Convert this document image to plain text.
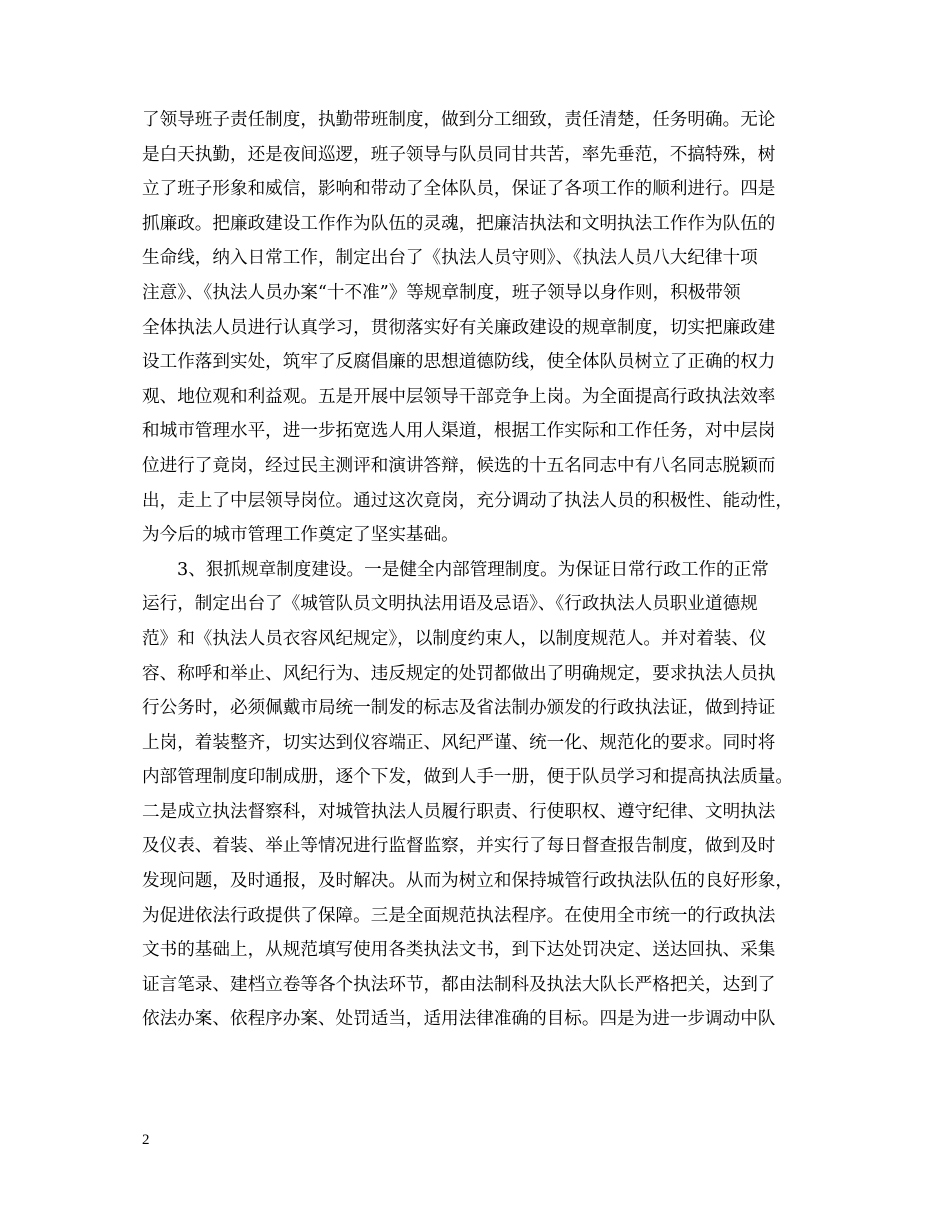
了领导班子责任制度，执勤带班制度，做到分工细致，责任清楚，任务明确。无论
是白天执勤，还是夜间巡逻，班子领导与队员同甘共苦，率先垂范，不搞特殊，树
立了班子形象和威信，影响和带动了全体队员，保证了各项工作的顺利进行。四是
抓廉政。把廉政建设工作作为队伍的灵魂，把廉洁执法和文明执法工作作为队伍的
生命线，纳入日常工作，制定出台了《执法人员守则》、《执法人员八大纪律十项
注意》、《执法人员办案“十不准”》等规章制度，班子领导以身作则，积极带领
全体执法人员进行认真学习，贯彻落实好有关廉政建设的规章制度，切实把廉政建
设工作落到实处，筑牢了反腐倡廉的思想道德防线，使全体队员树立了正确的权力
观、地位观和利益观。五是开展中层领导干部竞争上岗。为全面提高行政执法效率
和城市管理水平，进一步拓宽选人用人渠道，根据工作实际和工作任务，对中层岗
位进行了竟岗，经过民主测评和演讲答辩，候选的十五名同志中有八名同志脱颖而
出，走上了中层领导岗位。通过这次竟岗，充分调动了执法人员的积极性、能动性，
为今后的城市管理工作奠定了坚实基础。
3、狠抓规章制度建设。一是健全内部管理制度。为保证日常行政工作的正常
运行，制定出台了《城管队员文明执法用语及忌语》、《行政执法人员职业道德规
范》和《执法人员衣容风纪规定》，以制度约束人，以制度规范人。并对着装、仪
容、称呼和举止、风纪行为、违反规定的处罚都做出了明确规定，要求执法人员执
行公务时，必须佩戴市局统一制发的标志及省法制办颁发的行政执法证，做到持证
上岗，着装整齐，切实达到仪容端正、风纪严谨、统一化、规范化的要求。同时将
内部管理制度印制成册，逐个下发，做到人手一册，便于队员学习和提高执法质量。
二是成立执法督察科，对城管执法人员履行职责、行使职权、遵守纪律、文明执法
及仪表、着装、举止等情况进行监督监察，并实行了每日督查报告制度，做到及时
发现问题，及时通报，及时解决。从而为树立和保持城管行政执法队伍的良好形象，
为促进依法行政提供了保障。三是全面规范执法程序。在使用全市统一的行政执法
文书的基础上，从规范填写使用各类执法文书，到下达处罚决定、送达回执、采集
证言笔录、建档立卷等各个执法环节，都由法制科及执法大队长严格把关，达到了
依法办案、依程序办案、处罚适当，适用法律准确的目标。四是为进一步调动中队
2
